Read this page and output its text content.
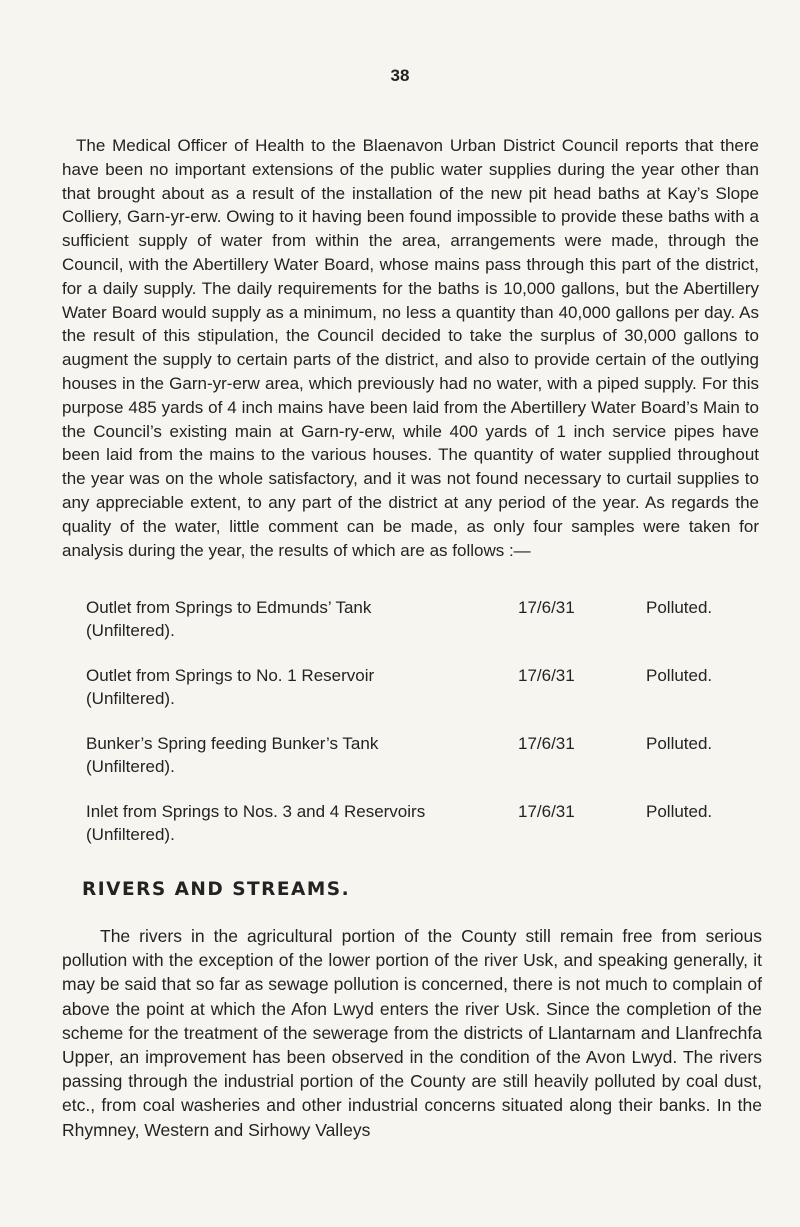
38

The Medical Officer of Health to the Blaenavon Urban District Council reports that there have been no important extensions of the public water supplies during the year other than that brought about as a result of the installation of the new pit head baths at Kay’s Slope Colliery, Garn-yr-erw. Owing to it having been found impossible to provide these baths with a sufficient supply of water from within the area, arrangements were made, through the Council, with the Abertillery Water Board, whose mains pass through this part of the district, for a daily supply. The daily requirements for the baths is 10,000 gallons, but the Abertillery Water Board would supply as a minimum, no less a quantity than 40,000 gallons per day. As the result of this stipulation, the Council decided to take the surplus of 30,000 gallons to augment the supply to certain parts of the district, and also to provide certain of the outlying houses in the Garn-yr-erw area, which previously had no water, with a piped supply. For this purpose 485 yards of 4 inch mains have been laid from the Abertillery Water Board’s Main to the Council’s existing main at Garn-ry-erw, while 400 yards of 1 inch service pipes have been laid from the mains to the various houses. The quantity of water supplied throughout the year was on the whole satisfactory, and it was not found necessary to curtail supplies to any appreciable extent, to any part of the district at any period of the year. As regards the quality of the water, little comment can be made, as only four samples were taken for analysis during the year, the results of which are as follows :—

Outlet from Springs to Edmunds’ Tank
(Unfiltered).
17/6/31	Polluted.
Outlet from Springs to No. 1 Reservoir
(Unfiltered).
17/6/31	Polluted.
Bunker’s Spring feeding Bunker’s Tank
(Unfiltered).
17/6/31	Polluted.
Inlet from Springs to Nos. 3 and 4 Reservoirs
(Unfiltered).
17/6/31	Polluted.
RIVERS AND STREAMS.

The rivers in the agricultural portion of the County still remain free from serious pollution with the exception of the lower portion of the river Usk, and speaking generally, it may be said that so far as sewage pollution is concerned, there is not much to complain of above the point at which the Afon Lwyd enters the river Usk. Since the completion of the scheme for the treatment of the sewerage from the districts of Llantarnam and Llanfrechfa Upper, an improvement has been observed in the condition of the Avon Lwyd. The rivers passing through the industrial portion of the County are still heavily polluted by coal dust, etc., from coal washeries and other industrial concerns situated along their banks. In the Rhymney, Western and Sirhowy Valleys
